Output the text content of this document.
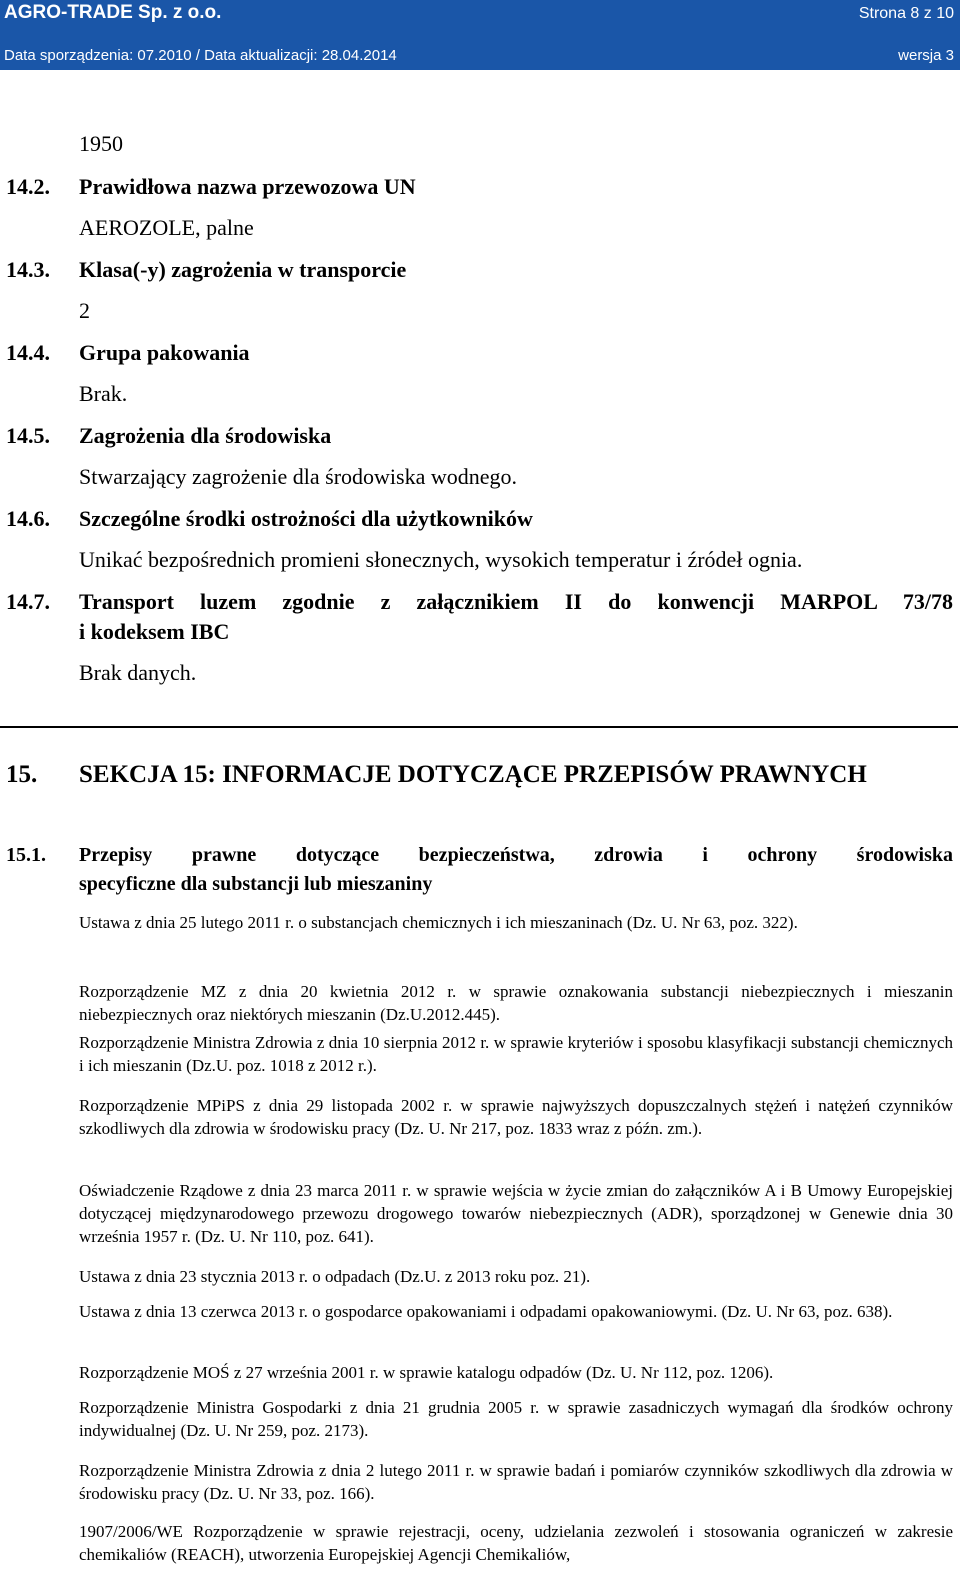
AGRO-TRADE Sp. z o.o.	Strona 8 z 10
Data sporządzenia: 07.2010 / Data aktualizacji: 28.04.2014	wersja 3
1950
14.2. Prawidłowa nazwa przewozowa UN
AEROZOLE, palne
14.3. Klasa(-y) zagrożenia w transporcie
2
14.4. Grupa pakowania
Brak.
14.5. Zagrożenia dla środowiska
Stwarzający zagrożenie dla środowiska wodnego.
14.6. Szczególne środki ostrożności dla użytkowników
Unikać bezpośrednich promieni słonecznych, wysokich temperatur i źródeł ognia.
14.7. Transport luzem zgodnie z załącznikiem II do konwencji MARPOL 73/78
i kodeksem IBC
Brak danych.
15. SEKCJA 15: INFORMACJE DOTYCZĄCE PRZEPISÓW PRAWNYCH
15.1. Przepisy prawne dotyczące bezpieczeństwa, zdrowia i ochrony środowiska
specyficzne dla substancji lub mieszaniny
Ustawa z dnia 25 lutego 2011 r. o substancjach chemicznych i ich mieszaninach (Dz. U. Nr 63, poz. 322).
Rozporządzenie MZ z dnia 20 kwietnia 2012 r. w sprawie oznakowania substancji niebezpiecznych i mieszanin niebezpiecznych oraz niektórych mieszanin (Dz.U.2012.445).
Rozporządzenie Ministra Zdrowia z dnia 10 sierpnia 2012 r. w sprawie kryteriów i sposobu klasyfikacji substancji chemicznych i ich mieszanin (Dz.U. poz. 1018 z 2012 r.).
Rozporządzenie MPiPS z dnia 29 listopada 2002 r. w sprawie najwyższych dopuszczalnych stężeń i natężeń czynników szkodliwych dla zdrowia w środowisku pracy (Dz. U. Nr 217, poz. 1833 wraz z późn. zm.).
Oświadczenie Rządowe z dnia 23 marca 2011 r. w sprawie wejścia w życie zmian do załączników A i B Umowy Europejskiej dotyczącej międzynarodowego przewozu drogowego towarów niebezpiecznych (ADR), sporządzonej w Genewie dnia 30 września 1957 r. (Dz. U. Nr 110, poz. 641).
Ustawa z dnia 23 stycznia 2013 r. o odpadach (Dz.U. z 2013 roku poz. 21).
Ustawa z dnia 13 czerwca 2013 r. o gospodarce opakowaniami i odpadami opakowaniowymi. (Dz. U. Nr 63, poz. 638).
Rozporządzenie MOŚ z 27 września 2001 r. w sprawie katalogu odpadów (Dz. U. Nr 112, poz. 1206).
Rozporządzenie Ministra Gospodarki z dnia 21 grudnia 2005 r. w sprawie zasadniczych wymagań dla środków ochrony indywidualnej (Dz. U. Nr 259, poz. 2173).
Rozporządzenie Ministra Zdrowia z dnia 2 lutego 2011 r. w sprawie badań i pomiarów czynników szkodliwych dla zdrowia w środowisku pracy (Dz. U. Nr 33, poz. 166).
1907/2006/WE Rozporządzenie w sprawie rejestracji, oceny, udzielania zezwoleń i stosowania ograniczeń w zakresie chemikaliów (REACH), utworzenia Europejskiej Agencji Chemikaliów,
